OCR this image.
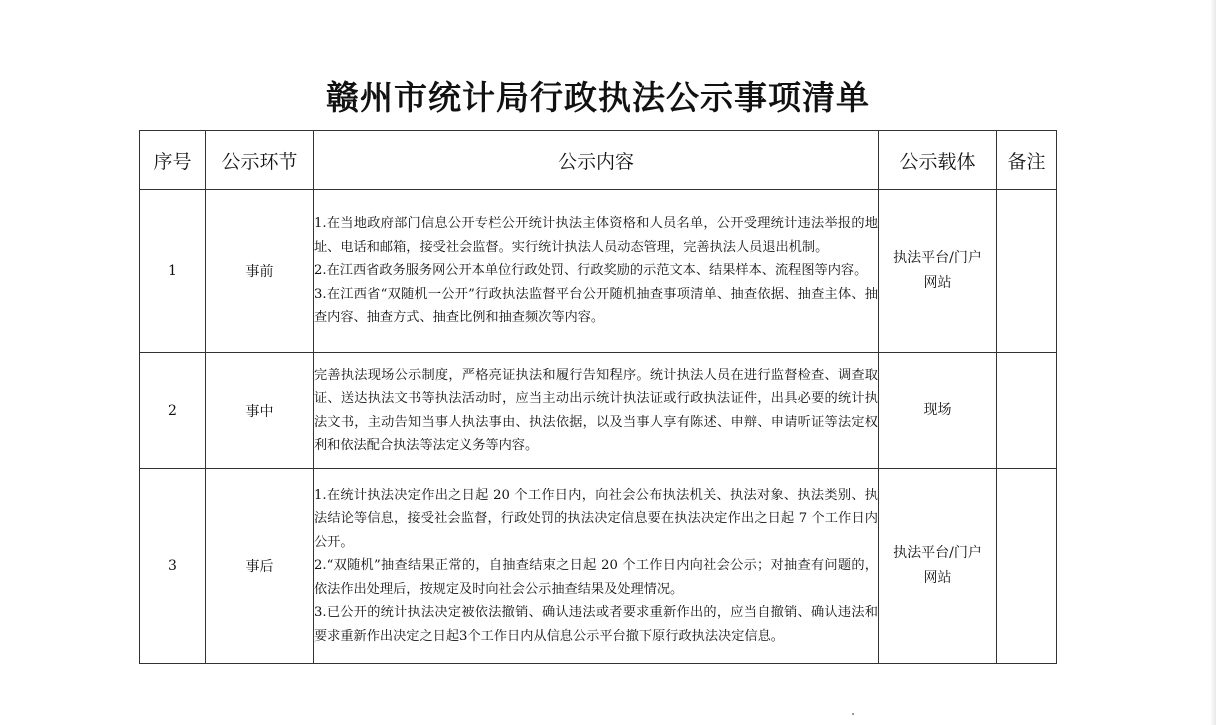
赣州市统计局行政执法公示事项清单
序号	公示环节	公示内容	公示载体	备注
1	事前	1.在当地政府部门信息公开专栏公开统计执法主体资格和人员名单，公开受理统计违法举报的地址、电话和邮箱，接受社会监督。实行统计执法人员动态管理，完善执法人员退出机制。
2.在江西省政务服务网公开本单位行政处罚、行政奖励的示范文本、结果样本、流程图等内容。
3.在江西省“双随机一公开”行政执法监督平台公开随机抽查事项清单、抽查依据、抽查主体、抽查内容、抽查方式、抽查比例和抽查频次等内容。	执法平台/门户
网站	

2	事中	完善执法现场公示制度，严格亮证执法和履行告知程序。统计执法人员在进行监督检查、调查取证、送达执法文书等执法活动时，应当主动出示统计执法证或行政执法证件，出具必要的统计执法文书，主动告知当事人执法事由、执法依据，以及当事人享有陈述、申辩、申请听证等法定权利和依法配合执法等法定义务等内容。	现场	

3	事后	1.在统计执法决定作出之日起 20 个工作日内，向社会公布执法机关、执法对象、执法类别、执法结论等信息，接受社会监督，行政处罚的执法决定信息要在执法决定作出之日起 7 个工作日内公开。
2.“双随机”抽查结果正常的，自抽查结束之日起 20 个工作日内向社会公示；对抽查有问题的，依法作出处理后，按规定及时向社会公示抽查结果及处理情况。
3.已公开的统计执法决定被依法撤销、确认违法或者要求重新作出的，应当自撤销、确认违法和要求重新作出决定之日起3个工作日内从信息公示平台撤下原行政执法决定信息。	执法平台/门户
网站	
